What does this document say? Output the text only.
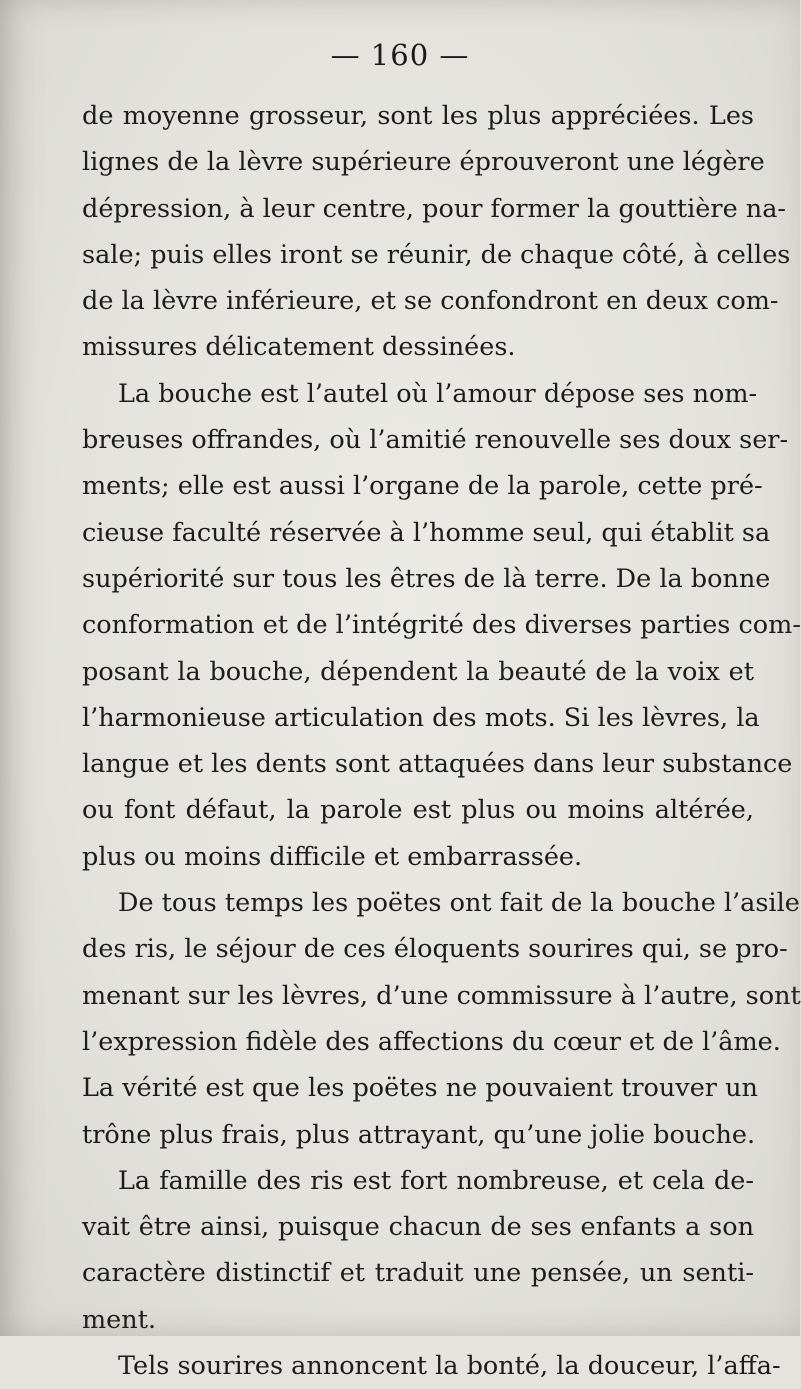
— 160 —
de moyenne grosseur, sont les plus appréciées. Les
lignes de la lèvre supérieure éprouveront une légère
dépression, à leur centre, pour former la gouttière na-
sale; puis elles iront se réunir, de chaque côté, à celles
de la lèvre inférieure, et se confondront en deux com-
missures délicatement dessinées.
La bouche est l’autel où l’amour dépose ses nom-
breuses offrandes, où l’amitié renouvelle ses doux ser-
ments; elle est aussi l’organe de la parole, cette pré-
cieuse faculté réservée à l’homme seul, qui établit sa
supériorité sur tous les êtres de là terre. De la bonne
conformation et de l’intégrité des diverses parties com-
posant la bouche, dépendent la beauté de la voix et
l’harmonieuse articulation des mots. Si les lèvres, la
langue et les dents sont attaquées dans leur substance
ou font défaut, la parole est plus ou moins altérée,
plus ou moins difficile et embarrassée.
De tous temps les poëtes ont fait de la bouche l’asile
des ris, le séjour de ces éloquents sourires qui, se pro-
menant sur les lèvres, d’une commissure à l’autre, sont
l’expression fidèle des affections du cœur et de l’âme.
La vérité est que les poëtes ne pouvaient trouver un
trône plus frais, plus attrayant, qu’une jolie bouche.
La famille des ris est fort nombreuse, et cela de-
vait être ainsi, puisque chacun de ses enfants a son
caractère distinctif et traduit une pensée, un senti-
ment.
Tels sourires annoncent la bonté, la douceur, l’affa-
